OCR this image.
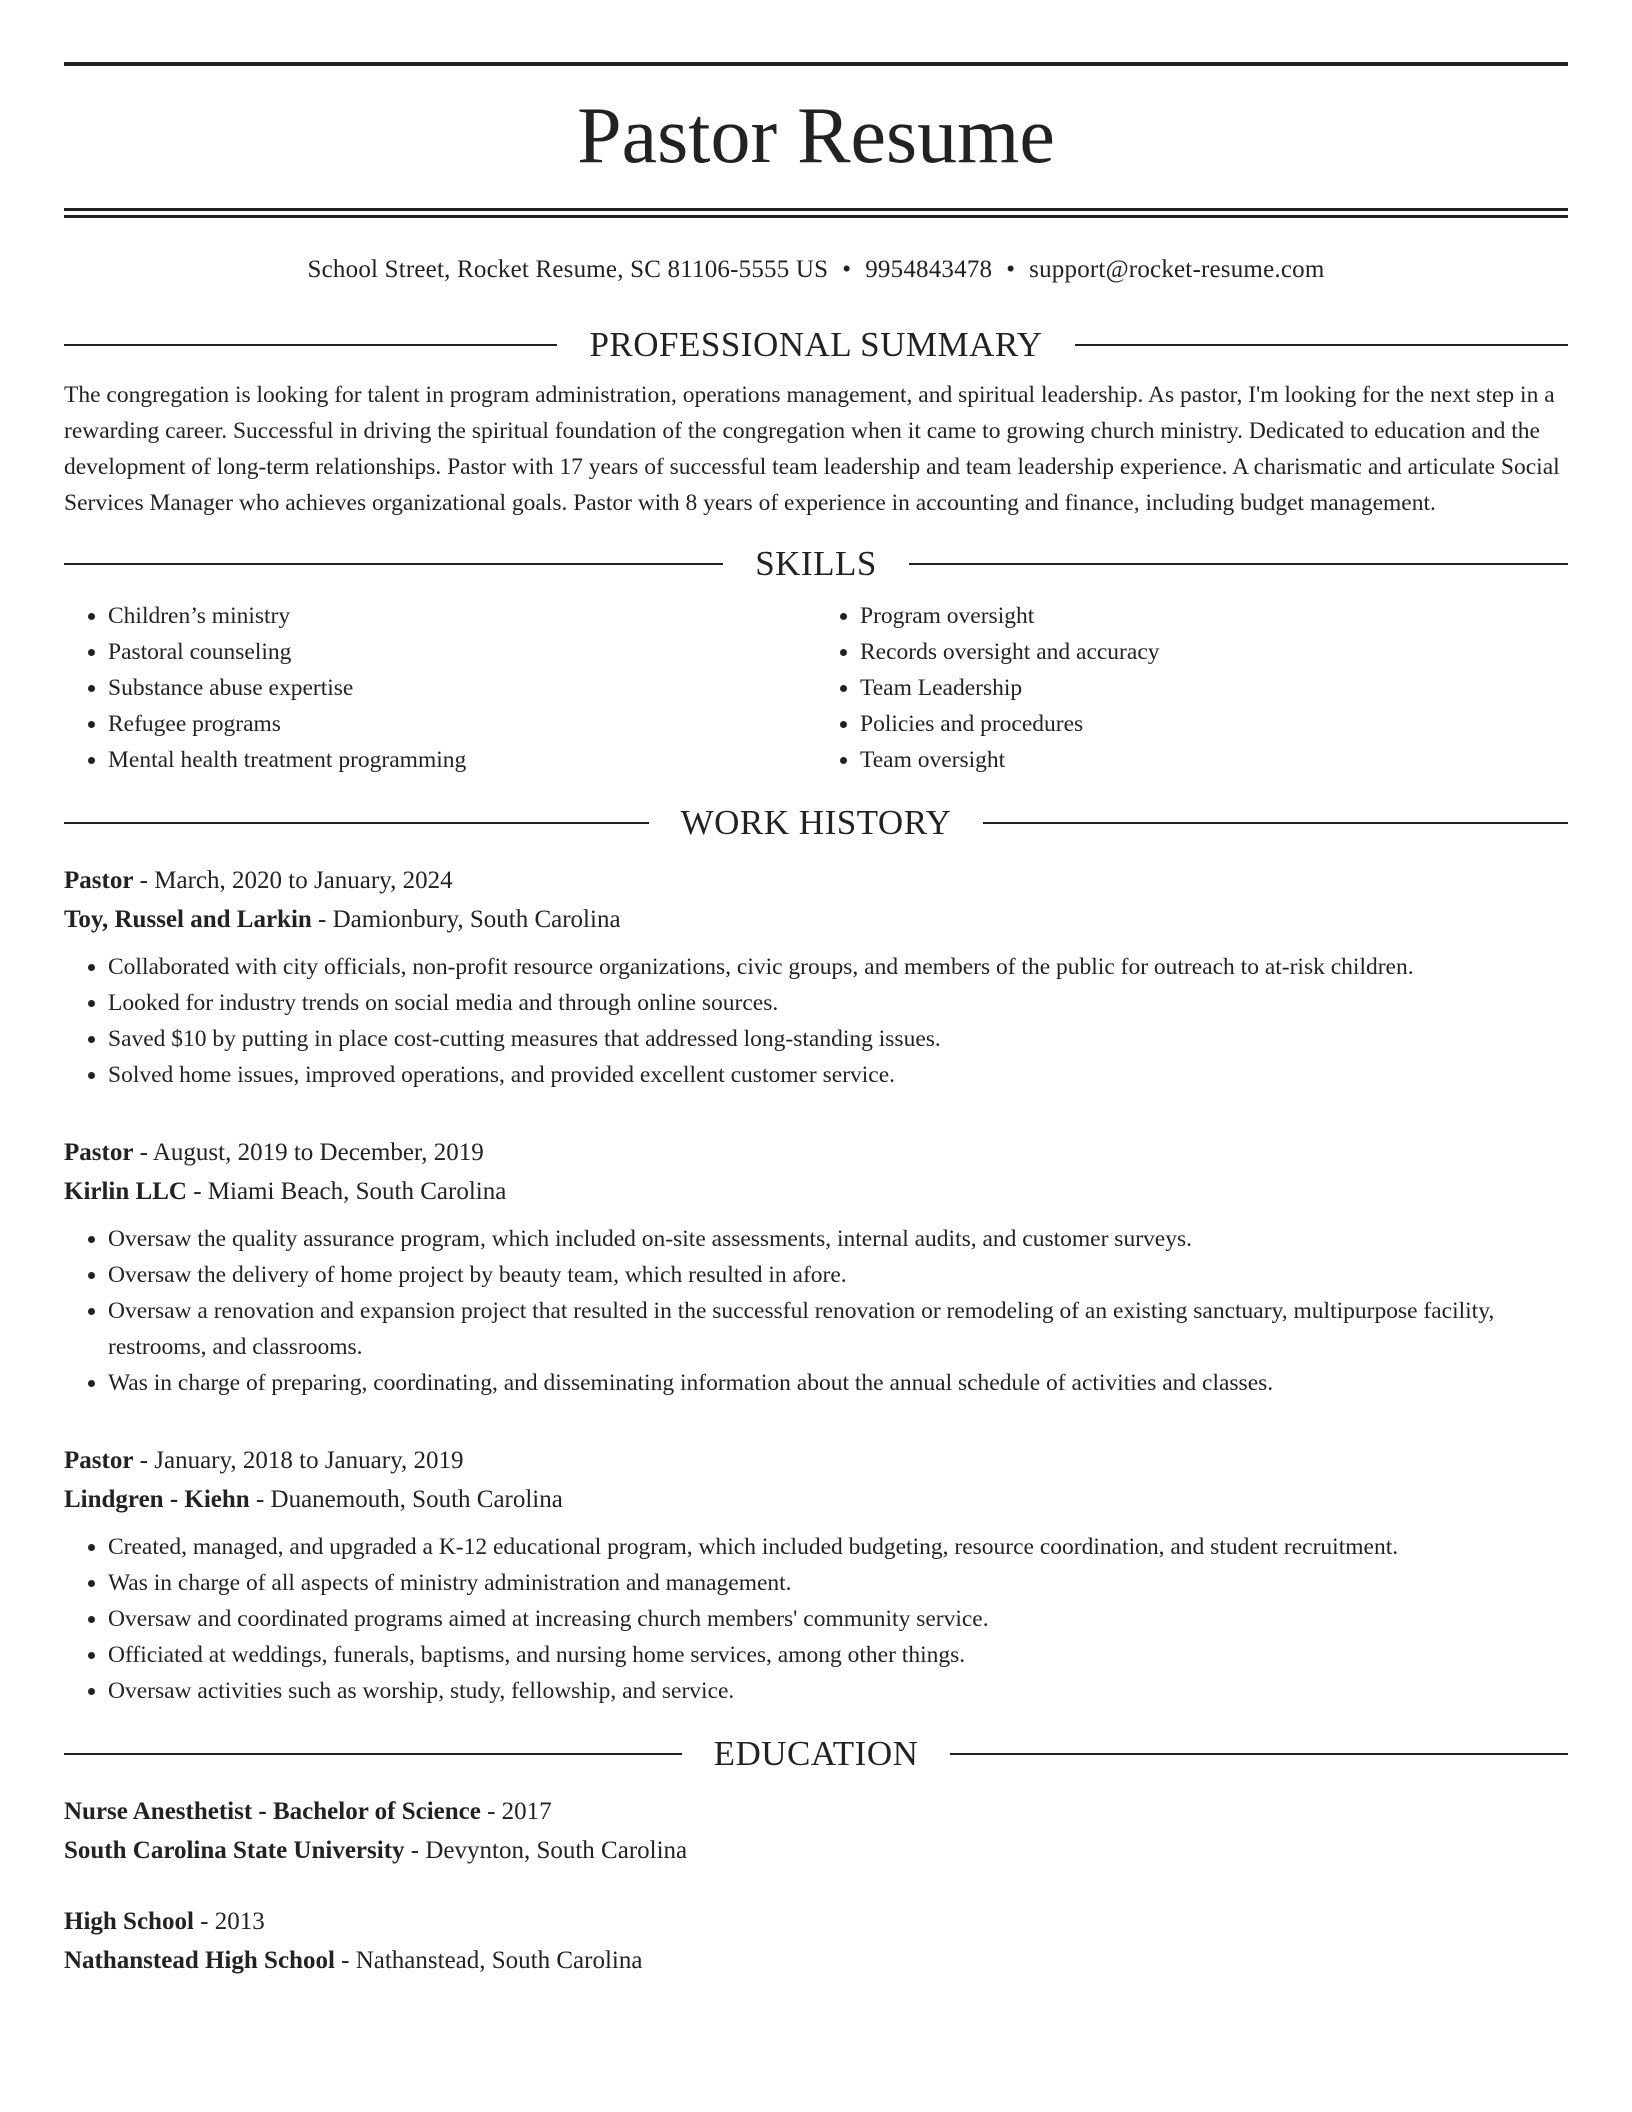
Pastor Resume
School Street, Rocket Resume, SC 81106-5555 US • 9954843478 • support@rocket-resume.com
PROFESSIONAL SUMMARY

The congregation is looking for talent in program administration, operations management, and spiritual leadership. As pastor, I'm looking for the next step in a rewarding career. Successful in driving the spiritual foundation of the congregation when it came to growing church ministry. Dedicated to education and the development of long-term relationships. Pastor with 17 years of successful team leadership and team leadership experience. A charismatic and articulate Social Services Manager who achieves organizational goals. Pastor with 8 years of experience in accounting and finance, including budget management.

SKILLS
• Children’s ministry
• Pastoral counseling
• Substance abuse expertise
• Refugee programs
• Mental health treatment programming
• Program oversight
• Records oversight and accuracy
• Team Leadership
• Policies and procedures
• Team oversight
WORK HISTORY
Pastor - March, 2020 to January, 2024
Toy, Russel and Larkin - Damionbury, South Carolina
• Collaborated with city officials, non-profit resource organizations, civic groups, and members of the public for outreach to at-risk children.
• Looked for industry trends on social media and through online sources.
• Saved $10 by putting in place cost-cutting measures that addressed long-standing issues.
• Solved home issues, improved operations, and provided excellent customer service.
Pastor - August, 2019 to December, 2019
Kirlin LLC - Miami Beach, South Carolina
• Oversaw the quality assurance program, which included on-site assessments, internal audits, and customer surveys.
• Oversaw the delivery of home project by beauty team, which resulted in afore.
• Oversaw a renovation and expansion project that resulted in the successful renovation or remodeling of an existing sanctuary, multipurpose facility, restrooms, and classrooms.
• Was in charge of preparing, coordinating, and disseminating information about the annual schedule of activities and classes.
Pastor - January, 2018 to January, 2019
Lindgren - Kiehn - Duanemouth, South Carolina
• Created, managed, and upgraded a K-12 educational program, which included budgeting, resource coordination, and student recruitment.
• Was in charge of all aspects of ministry administration and management.
• Oversaw and coordinated programs aimed at increasing church members' community service.
• Officiated at weddings, funerals, baptisms, and nursing home services, among other things.
• Oversaw activities such as worship, study, fellowship, and service.
EDUCATION
Nurse Anesthetist - Bachelor of Science - 2017
South Carolina State University - Devynton, South Carolina
High School - 2013
Nathanstead High School - Nathanstead, South Carolina
